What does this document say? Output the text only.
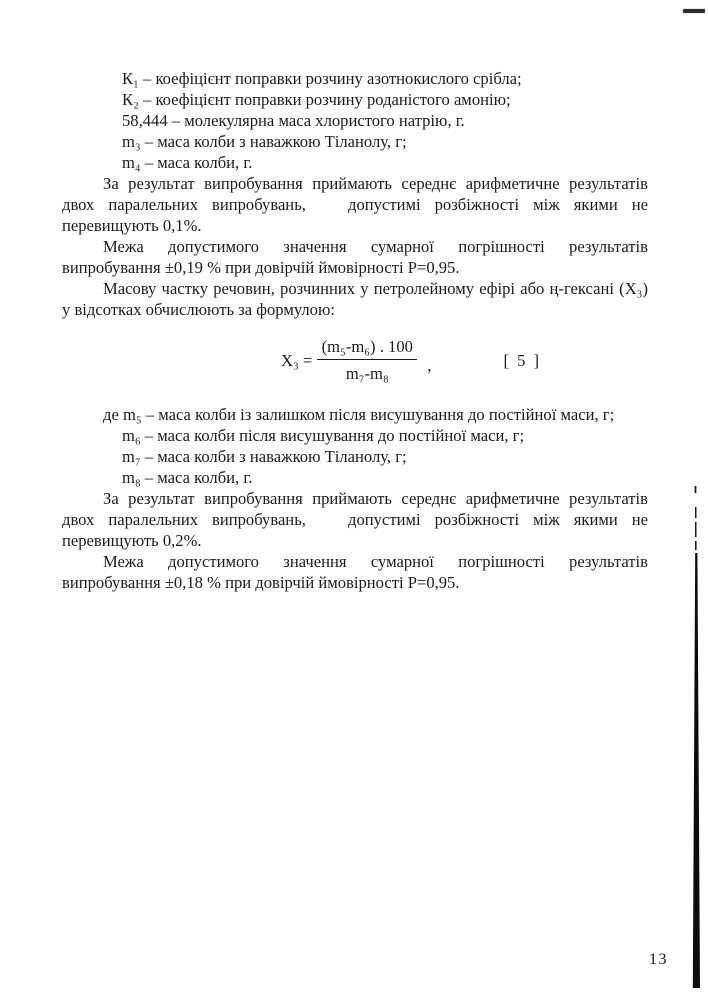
К₁ – коефіцієнт поправки розчину азотнокислого срібла;
К₂ – коефіцієнт поправки розчину роданістого амонію;
58,444 – молекулярна маса хлористого натрію, г.
m₃ – маса колби з наважкою Тіланолу, г;
m₄ – маса колби, г.

За результат випробування приймають середнє арифметичне результатів двох паралельних випробувань,   допустимі розбіжності між якими не перевищують 0,1%.

Межа допустимого значення сумарної погрішності результатів випробування ±0,19 % при довірчій ймовірності Р=0,95.

Масову частку речовин, розчинних у петролейному ефірі або ң-гексані (Х₃) у відсотках обчислюють за формулою:

$Х_3 = \frac{\text{(m₅-m₆) . 100}}{\text{m₇-m₈}}$ ,	[ 5 ]
де m₅ – маса колби із залишком після висушування до постійної маси, г;
m₆ – маса колби після висушування до постійної маси, г;
m₇ – маса колби з наважкою Тіланолу, г;
m₈ – маса колби, г.

За результат випробування приймають середнє арифметичне результатів двох паралельних випробувань,   допустимі розбіжності між якими не перевищують 0,2%.

Межа допустимого значення сумарної погрішності результатів випробування ±0,18 % при довірчій ймовірності Р=0,95.

13
